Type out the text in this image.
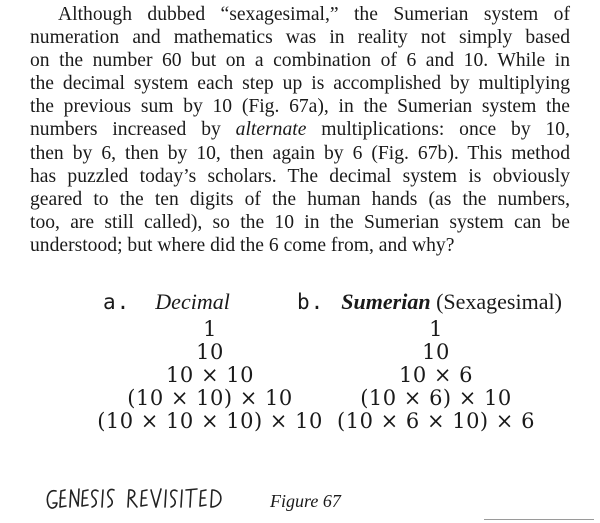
Although dubbed “sexagesimal,” the Sumerian system of
numeration and mathematics was in reality not simply based
on the number 60 but on a combination of 6 and 10. While in
the decimal system each step up is accomplished by multiplying
the previous sum by 10 (Fig. 67a), in the Sumerian system the
numbers increased by alternate multiplications: once by 10,
then by 6, then by 10, then again by 6 (Fig. 67b). This method
has puzzled today’s scholars. The decimal system is obviously
geared to the ten digits of the human hands (as the numbers,
too, are still called), so the 10 in the Sumerian system can be
understood; but where did the 6 come from, and why?
a. Decimal
1
10
10 × 10
(10 × 10) × 10
(10 × 10 × 10) × 10
b. Sumerian (Sexagesimal)
1
10
10 × 6
(10 × 6) × 10
(10 × 6 × 10) × 6
Figure 67
